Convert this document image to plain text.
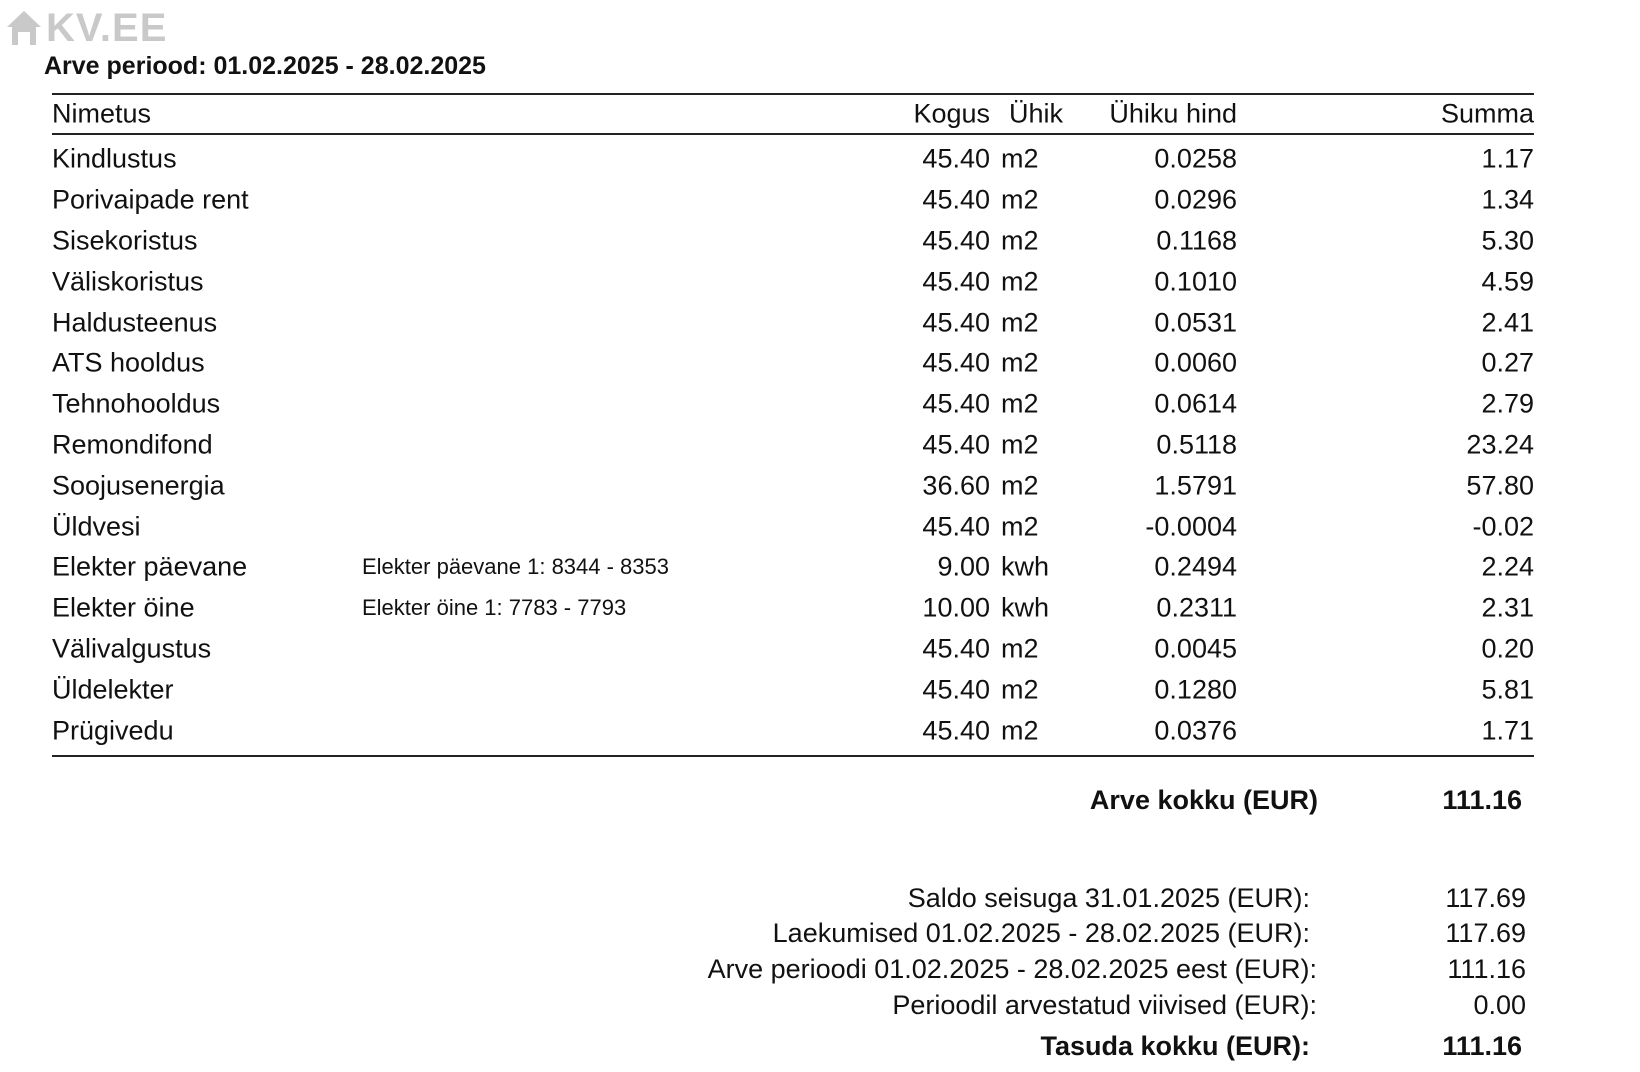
KV.EE
Arve periood: 01.02.2025 - 28.02.2025
Nimetus	Kogus Ühik Ühiku hind	Summa
Kindlustus	45.40 m2	0.0258	1.17
Porivaipade rent	45.40 m2	0.0296	1.34
Sisekoristus	45.40 m2	0.1168	5.30
Väliskoristus	45.40 m2	0.1010	4.59
Haldusteenus	45.40 m2	0.0531	2.41
ATS hooldus	45.40 m2	0.0060	0.27
Tehnohooldus	45.40 m2	0.0614	2.79
Remondifond	45.40 m2	0.5118	23.24
Soojusenergia	36.60 m2	1.5791	57.80
Üldvesi	45.40 m2	-0.0004	-0.02
Elekter päevane	Elekter päevane 1: 8344 - 8353	9.00 kwh	0.2494	2.24
Elekter öine	Elekter öine 1: 7783 - 7793	10.00 kwh	0.2311	2.31
Välivalgustus	45.40 m2	0.0045	0.20
Üldelekter	45.40 m2	0.1280	5.81
Prügivedu	45.40 m2	0.0376	1.71
Arve kokku (EUR)	111.16
Saldo seisuga 31.01.2025 (EUR):	117.69
Laekumised 01.02.2025 - 28.02.2025 (EUR):	117.69
Arve perioodi 01.02.2025 - 28.02.2025 eest (EUR):	111.16
Perioodil arvestatud viivised (EUR):	0.00
Tasuda kokku (EUR):	111.16
